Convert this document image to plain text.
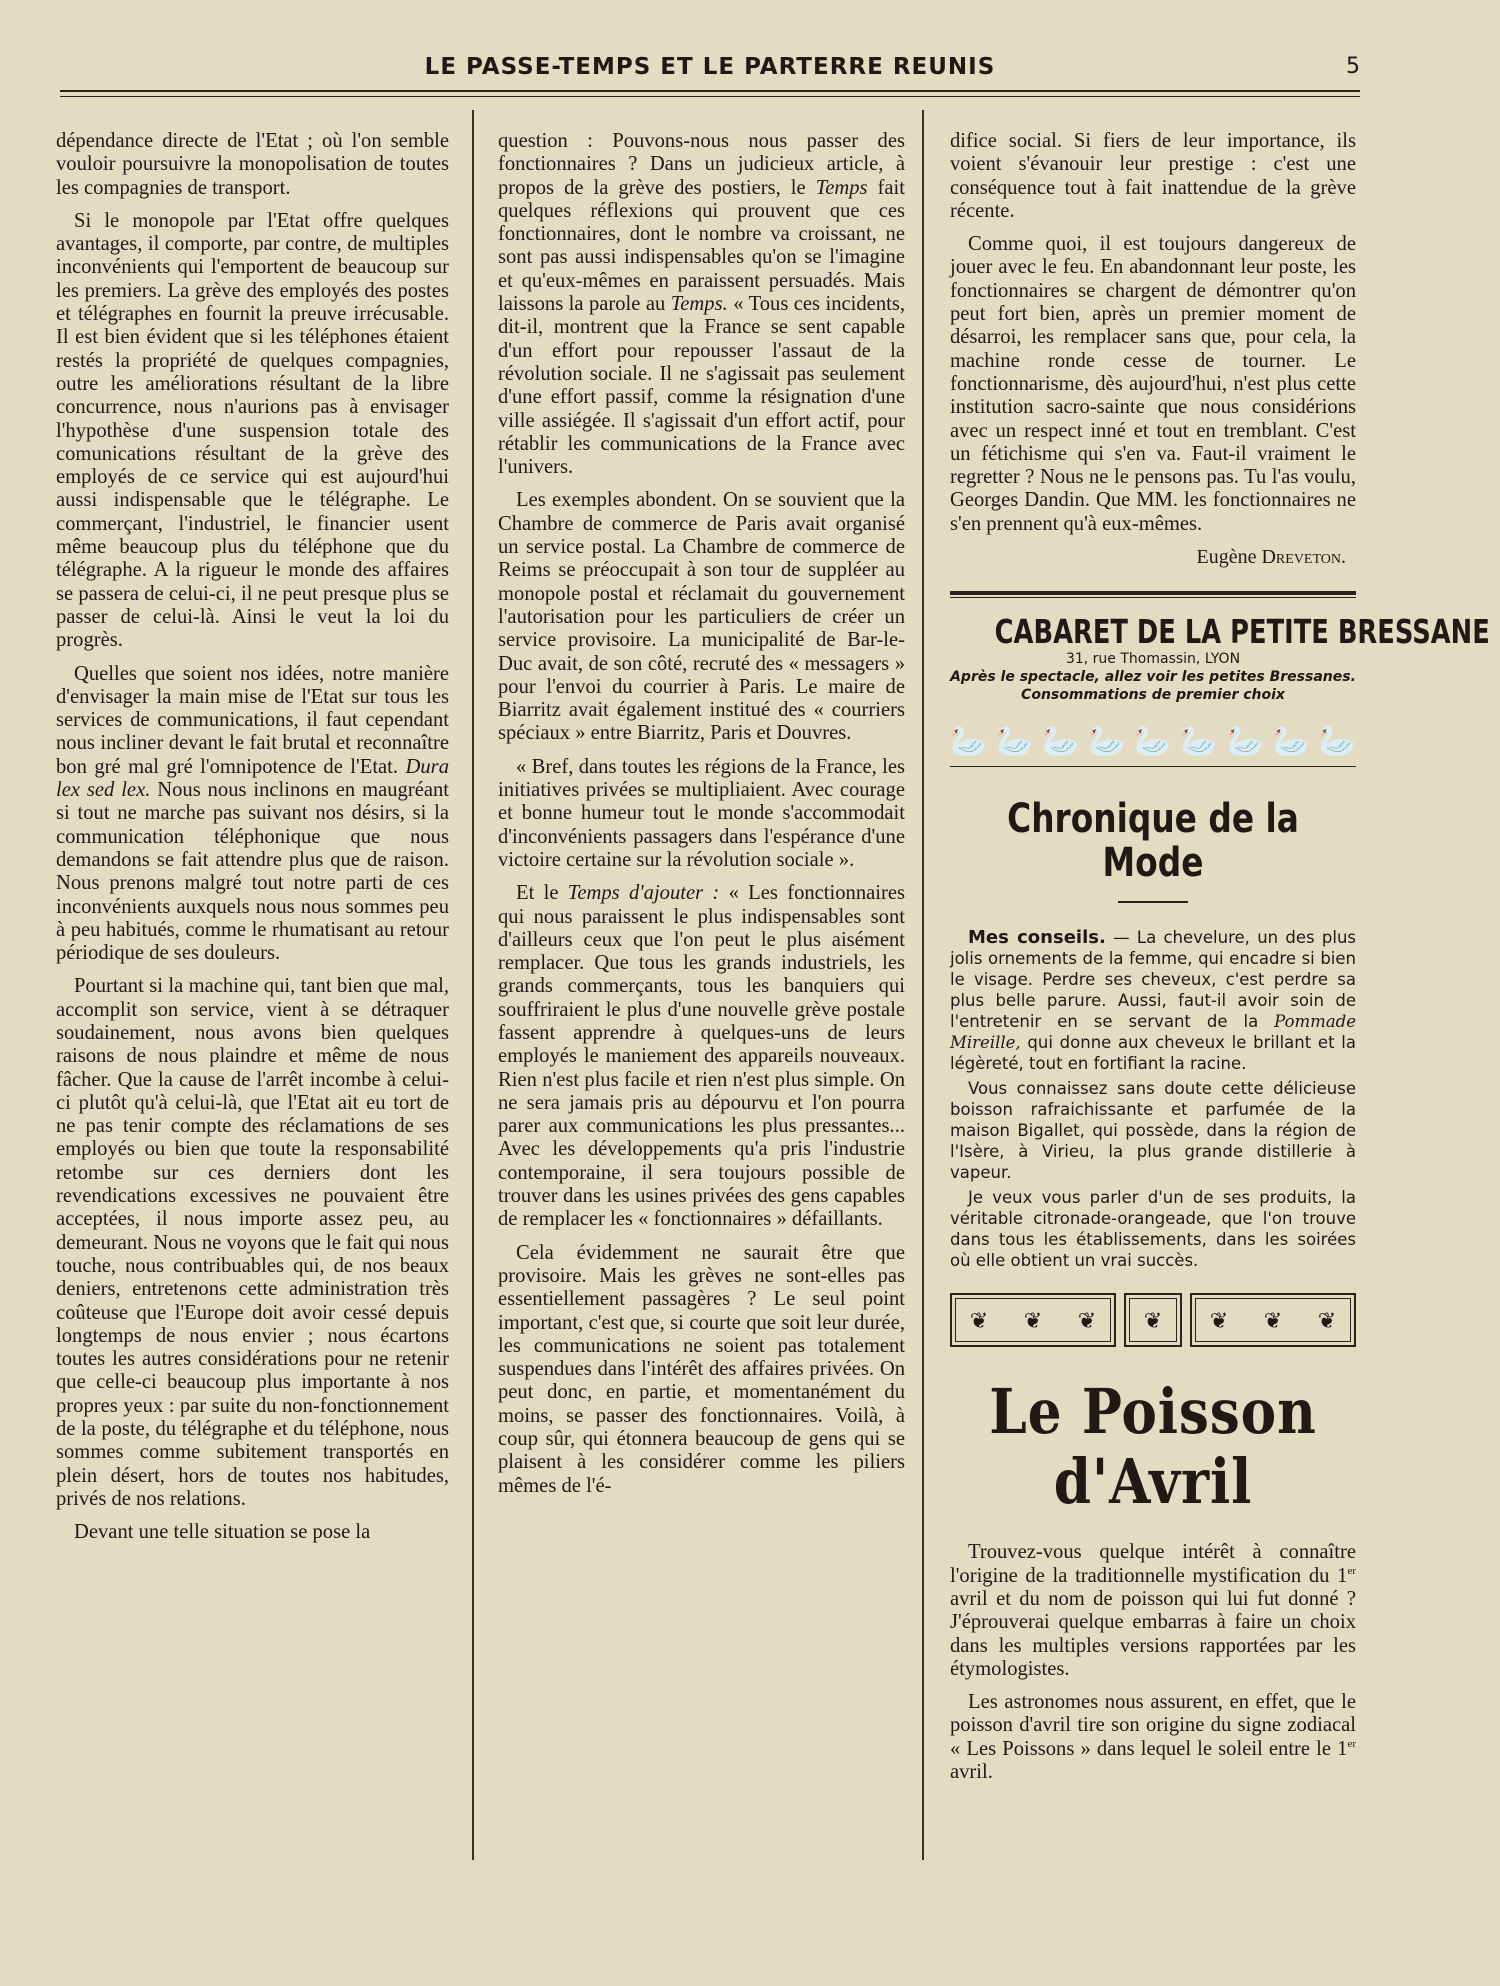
LE PASSE-TEMPS ET LE PARTERRE REUNIS	5

dépendance directe de l'Etat ; où l'on semble vouloir poursuivre la monopolisation de toutes les compagnies de transport.

Si le monopole par l'Etat offre quelques avantages, il comporte, par contre, de multiples inconvénients qui l'emportent de beaucoup sur les premiers. La grève des employés des postes et télégraphes en fournit la preuve irrécusable. Il est bien évident que si les téléphones étaient restés la propriété de quelques compagnies, outre les améliorations résultant de la libre concurrence, nous n'aurions pas à envisager l'hypothèse d'une suspension totale des comunications résultant de la grève des employés de ce service qui est aujourd'hui aussi indispensable que le télégraphe. Le commerçant, l'industriel, le financier usent même beaucoup plus du téléphone que du télégraphe. A la rigueur le monde des affaires se passera de celui-ci, il ne peut presque plus se passer de celui-là. Ainsi le veut la loi du progrès.

Quelles que soient nos idées, notre manière d'envisager la main mise de l'Etat sur tous les services de communications, il faut cependant nous incliner devant le fait brutal et reconnaître bon gré mal gré l'omnipotence de l'Etat. Dura lex sed lex. Nous nous inclinons en maugréant si tout ne marche pas suivant nos désirs, si la communication téléphonique que nous demandons se fait attendre plus que de raison. Nous prenons malgré tout notre parti de ces inconvénients auxquels nous nous sommes peu à peu habitués, comme le rhumatisant au retour périodique de ses douleurs.

Pourtant si la machine qui, tant bien que mal, accomplit son service, vient à se détraquer soudainement, nous avons bien quelques raisons de nous plaindre et même de nous fâcher. Que la cause de l'arrêt incombe à celui-ci plutôt qu'à celui-là, que l'Etat ait eu tort de ne pas tenir compte des réclamations de ses employés ou bien que toute la responsabilité retombe sur ces derniers dont les revendications excessives ne pouvaient être acceptées, il nous importe assez peu, au demeurant. Nous ne voyons que le fait qui nous touche, nous contribuables qui, de nos beaux deniers, entretenons cette administration très coûteuse que l'Europe doit avoir cessé depuis longtemps de nous envier ; nous écartons toutes les autres considérations pour ne retenir que celle-ci beaucoup plus importante à nos propres yeux : par suite du non-fonctionnement de la poste, du télégraphe et du téléphone, nous sommes comme subitement transportés en plein désert, hors de toutes nos habitudes, privés de nos relations.

Devant une telle situation se pose la

question : Pouvons-nous nous passer des fonctionnaires ? Dans un judicieux article, à propos de la grève des postiers, le Temps fait quelques réflexions qui prouvent que ces fonctionnaires, dont le nombre va croissant, ne sont pas aussi indispensables qu'on se l'imagine et qu'eux-mêmes en paraissent persuadés. Mais laissons la parole au Temps. « Tous ces incidents, dit-il, montrent que la France se sent capable d'un effort pour repousser l'assaut de la révolution sociale. Il ne s'agissait pas seulement d'une effort passif, comme la résignation d'une ville assiégée. Il s'agissait d'un effort actif, pour rétablir les communications de la France avec l'univers.

Les exemples abondent. On se souvient que la Chambre de commerce de Paris avait organisé un service postal. La Chambre de commerce de Reims se préoccupait à son tour de suppléer au monopole postal et réclamait du gouvernement l'autorisation pour les particuliers de créer un service provisoire. La municipalité de Bar-le-Duc avait, de son côté, recruté des « messagers » pour l'envoi du courrier à Paris. Le maire de Biarritz avait également institué des « courriers spéciaux » entre Biarritz, Paris et Douvres.

« Bref, dans toutes les régions de la France, les initiatives privées se multipliaient. Avec courage et bonne humeur tout le monde s'accommodait d'inconvénients passagers dans l'espérance d'une victoire certaine sur la révolution sociale ».

Et le Temps d'ajouter : « Les fonctionnaires qui nous paraissent le plus indispensables sont d'ailleurs ceux que l'on peut le plus aisément remplacer. Que tous les grands industriels, les grands commerçants, tous les banquiers qui souffriraient le plus d'une nouvelle grève postale fassent apprendre à quelques-uns de leurs employés le maniement des appareils nouveaux. Rien n'est plus facile et rien n'est plus simple. On ne sera jamais pris au dépourvu et l'on pourra parer aux communications les plus pressantes... Avec les développements qu'a pris l'industrie contemporaine, il sera toujours possible de trouver dans les usines privées des gens capables de remplacer les « fonctionnaires » défaillants.

Cela évidemment ne saurait être que provisoire. Mais les grèves ne sont-elles pas essentiellement passagères ? Le seul point important, c'est que, si courte que soit leur durée, les communications ne soient pas totalement suspendues dans l'intérêt des affaires privées. On peut donc, en partie, et momentanément du moins, se passer des fonctionnaires. Voilà, à coup sûr, qui étonnera beaucoup de gens qui se plaisent à les considérer comme les piliers mêmes de l'é-

difice social. Si fiers de leur importance, ils voient s'évanouir leur prestige : c'est une conséquence tout à fait inattendue de la grève récente.

Comme quoi, il est toujours dangereux de jouer avec le feu. En abandonnant leur poste, les fonctionnaires se chargent de démontrer qu'on peut fort bien, après un premier moment de désarroi, les remplacer sans que, pour cela, la machine ronde cesse de tourner. Le fonctionnarisme, dès aujourd'hui, n'est plus cette institution sacro-sainte que nous considérions avec un respect inné et tout en tremblant. C'est un fétichisme qui s'en va. Faut-il vraiment le regretter ? Nous ne le pensons pas. Tu l'as voulu, Georges Dandin. Que MM. les fonctionnaires ne s'en prennent qu'à eux-mêmes.

Eugène Dreveton.
CABARET DE LA PETITE BRESSANE
31, rue Thomassin, LYON
Après le spectacle, allez voir les petites Bressanes.
Consommations de premier choix
🦢 🦢 🦢 🦢 🦢 🦢 🦢 🦢 🦢
Chronique de la Mode

Mes conseils. — La chevelure, un des plus jolis ornements de la femme, qui encadre si bien le visage. Perdre ses cheveux, c'est perdre sa plus belle parure. Aussi, faut-il avoir soin de l'entretenir en se servant de la Pommade Mireille, qui donne aux cheveux le brillant et la légèreté, tout en fortifiant la racine.

Vous connaissez sans doute cette délicieuse boisson rafraichissante et parfumée de la maison Bigallet, qui possède, dans la région de l'Isère, à Virieu, la plus grande distillerie à vapeur.

Je veux vous parler d'un de ses produits, la véritable citronade-orangeade, que l'on trouve dans tous les établissements, dans les soirées où elle obtient un vrai succès.

❦ ❦ ❦ ❦ ❦ ❦ ❦
Le Poisson d'Avril

Trouvez-vous quelque intérêt à connaître l'origine de la traditionnelle mystification du 1er avril et du nom de poisson qui lui fut donné ? J'éprouverai quelque embarras à faire un choix dans les multiples versions rapportées par les étymologistes.

Les astronomes nous assurent, en effet, que le poisson d'avril tire son origine du signe zodiacal « Les Poissons » dans lequel le soleil entre le 1er avril.
